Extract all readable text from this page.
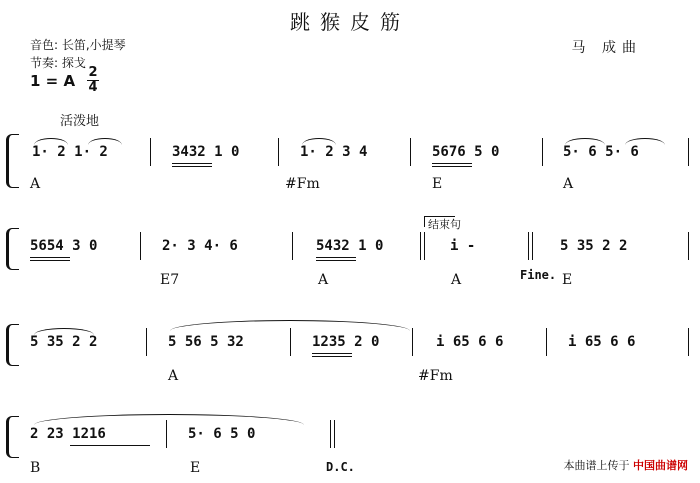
跳猴皮筋
音色: 长笛,小提琴
节奏: 探戈
1 = A 2
4
马 成曲
活泼地
1· 2 1· 2	3432 1 0	1· 2 3 4	5676 5 0	5· 6 5· 6
A	#Fm	E	A
5654 3 0	2· 3 4· 6	5432 1 0
结束句
i -	5 35 2 2
E7	A	A	Fine. E
5 35 2 2	5 56 5 32	1235 2 0	i 65 6 6	i 65 6 6
A	#Fm
2 23 1216	5· 6 5 0
B	E	D.C.	本曲谱上传于 中国曲谱网
